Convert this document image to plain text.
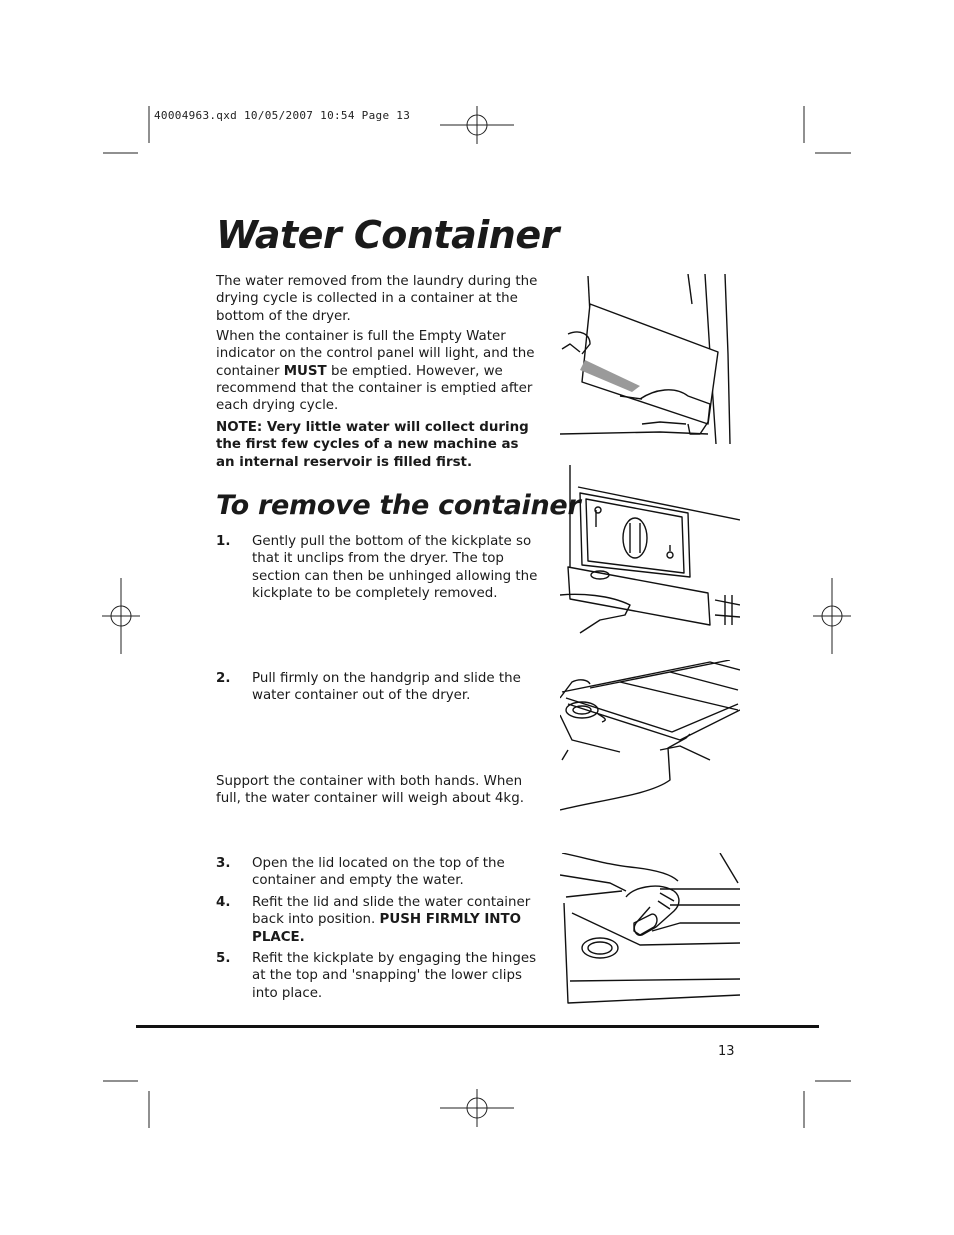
40004963.qxd 10/05/2007 10:54 Page 13
Water Container

The water removed from the laundry during the drying cycle is collected in a container at the bottom of the dryer.

When the container is full the Empty Water indicator on the control panel will light, and the container MUST be emptied. However, we recommend that the container is emptied after each drying cycle.

NOTE: Very little water will collect during the first few cycles of a new machine as an internal reservoir is filled first.

To remove the container
1. Gently pull the bottom of the kickplate so that it unclips from the dryer. The top section can then be unhinged allowing the kickplate to be completely removed.
2. Pull firmly on the handgrip and slide the water container out of the dryer.

Support the container with both hands. When full, the water container will weigh about 4kg.

3. Open the lid located on the top of the container and empty the water.
4. Refit the lid and slide the water container back into position. PUSH FIRMLY INTO PLACE.
5. Refit the kickplate by engaging the hinges at the top and 'snapping' the lower clips into place.
13
